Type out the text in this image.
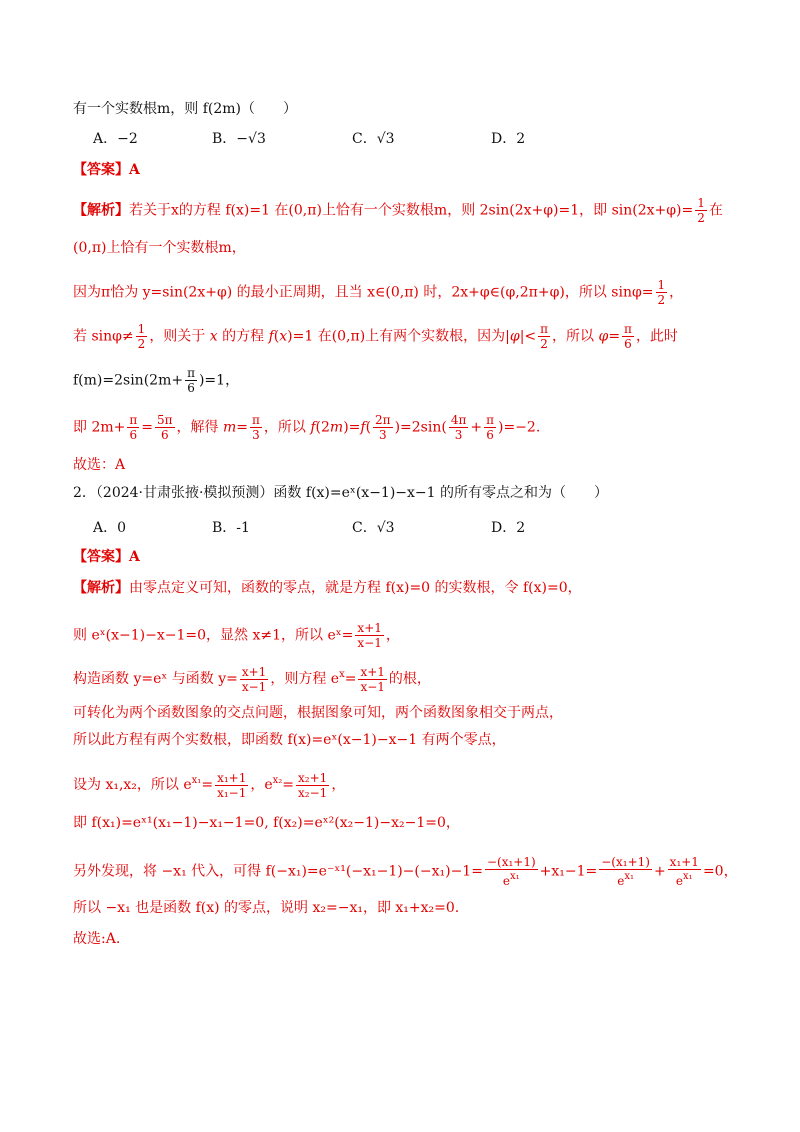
有一个实数根m，则 f(2m)（　　）
A．−2	B．−√3	C．√3	D．2
【答案】A
【解析】若关于x的方程 f(x)=1 在(0,π)上恰有一个实数根m，则 2sin(2x+φ)=1，即 $\sin(2x+\varphi)= \frac{1}{2}$ 在
(0,π)上恰有一个实数根m，
因为π恰为 y=sin(2x+φ) 的最小正周期，且当 x∈(0,π) 时，2x+φ∈(φ,2π+φ)，所以 $\sin\varphi= \frac{1}{2}$ ，
若 $\sin\varphi\ne \frac{1}{2}$ ，则关于 x 的方程 f(x)=1 在(0,π)上有两个实数根，因为$|\varphi|< \frac{\pi}{2}$ ，所以 $\varphi= \frac{\pi}{6}$ ，此时
$f(m)=2\sin(2m+ \frac{\pi}{6} )=1$，
即 $2m+ \frac{\pi}{6} = \frac{5\pi}{6}$ ，解得 $m= \frac{\pi}{3}$ ，所以 $f(2m)=f( \frac{2\pi}{3} )=2\sin( \frac{4\pi}{3} + \frac{\pi}{6} )=-2$.
故选：A
2．（2024·甘肃张掖·模拟预测）函数 f(x)=eˣ(x−1)−x−1 的所有零点之和为（　　）
A．0	B．-1	C．√3	D．2
【答案】A
【解析】由零点定义可知，函数的零点，就是方程 f(x)=0 的实数根，令 f(x)=0，
则 eˣ(x−1)−x−1=0，显然 x≠1，所以 eˣ= $\frac{x+1}{x-1}$ ，
构造函数 y=eˣ 与函数 $y= \frac{x+1}{x-1}$ ，则方程 $e^x= \frac{x+1}{x-1}$ 的根，
可转化为两个函数图象的交点问题，根据图象可知，两个函数图象相交于两点，
所以此方程有两个实数根，即函数 f(x)=eˣ(x−1)−x−1 有两个零点，
设为 x₁,x₂，所以 $e^{x_1}= \frac{\text{x₁+1}}{\text{x₁−1}}$ ，$e^{x_2}= \frac{\text{x₂+1}}{\text{x₂−1}}$ ，
即 f(x₁)=eˣ¹(x₁−1)−x₁−1=0, f(x₂)=eˣ²(x₂−1)−x₂−1=0，
另外发现，将 −x₁ 代入，可得 f(−x₁)=e⁻ˣ¹(−x₁−1)−(−x₁)−1= $\frac{\text{−(x₁+1)}}{e^{x_1}} +x_1-1= \frac{\text{−(x₁+1)}}{e^{x_1}} + \frac{\text{x₁+1}}{e^{x_1}} =0$，
所以 −x₁ 也是函数 f(x) 的零点，说明 x₂=−x₁，即 x₁+x₂=0.
故选:A.
